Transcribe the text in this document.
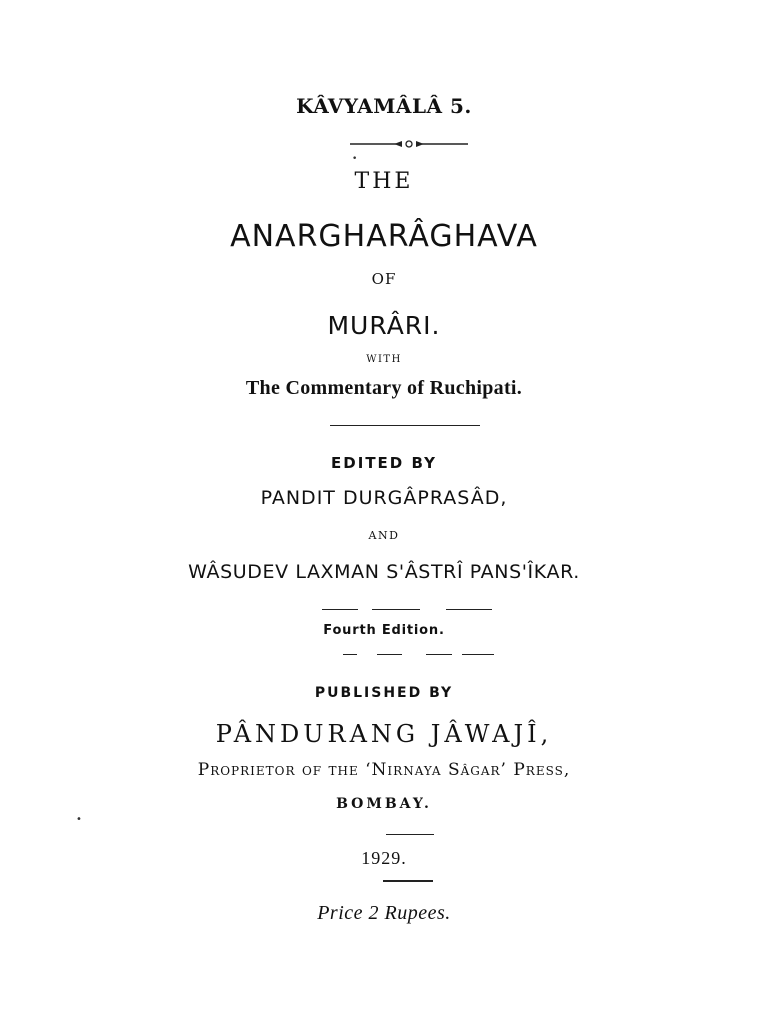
KÂVYAMÂLÂ 5.
•
THE
ANARGHARÂGHAVA
OF
MURÂRI.
WITH
The Commentary of Ruchipati.
EDITED BY
PANDIT DURGÂPRASÂD,
AND
WÂSUDEV LAXMAN S'ÂSTRÎ PANS'ÎKAR.
Fourth Edition.
PUBLISHED BY
PÂNDURANG JÂWAJÎ,
Proprietor of the ‘Nirnaya Sâgar’ Press,
BOMBAY.
•
1929.
Price 2 Rupees.
